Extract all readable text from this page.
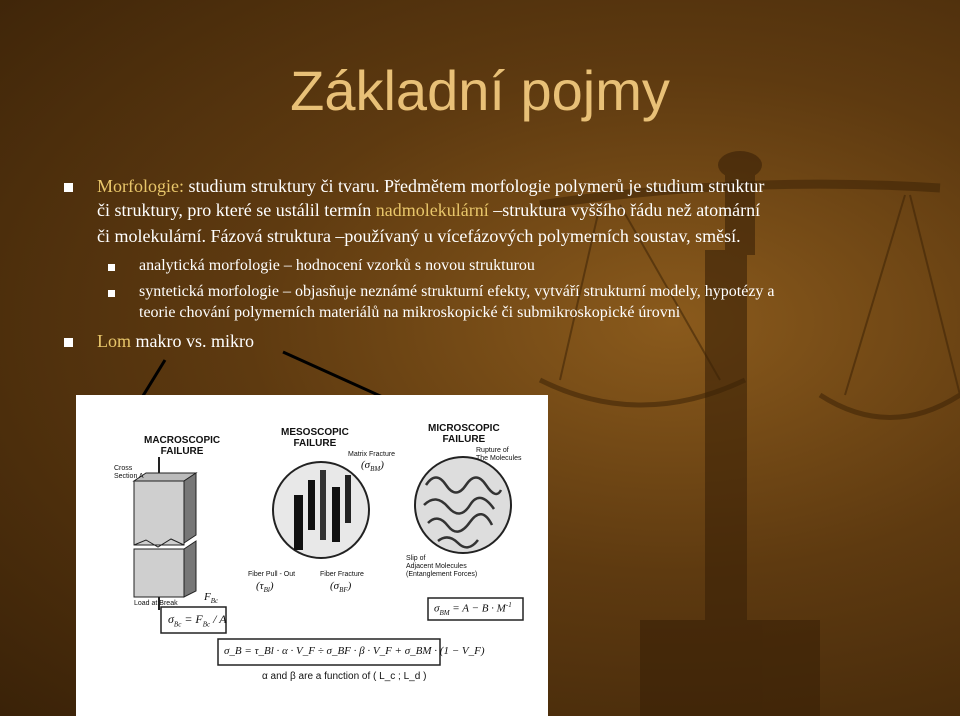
Základní pojmy
Morfologie: studium struktury či tvaru. Předmětem morfologie polymerů je studium struktur
či struktury, pro které se ustálil termín nadmolekulární –struktura vyššího řádu než atomární
či molekulární. Fázová struktura –používaný u vícefázových polymerních soustav, směsí.
analytická morfologie – hodnocení vzorků s novou strukturou
syntetická morfologie – objasňuje neznámé strukturní efekty, vytváří strukturní modely, hypotézy a
teorie chování polymerních materiálů na mikroskopické či submikroskopické úrovni
Lom makro vs. mikro
MACROSCOPIC
FAILURE
MESOSCOPIC
FAILURE
MICROSCOPIC
FAILURE
Cross
Section A
Matrix Fracture
$(\sigma_{BM})$
Rupture of
The Molecules
Fiber Pull - Out
$(\tau_{Bl})$
Fiber Fracture
$(\sigma_{BF})$
Slip of
Adjacent Molecules
(Entanglement Forces)
Load at Break
$F_{Bc}$
$\sigma_{Bc} = F_{Bc} / A$
$\sigma_{BM} = A - B \cdot M^{-1}$
σ_B = τ_Bl · α · V_F ÷ σ_BF · β · V_F + σ_BM · (1 − V_F)
α and β are a function of ( L_c ; L_d )
